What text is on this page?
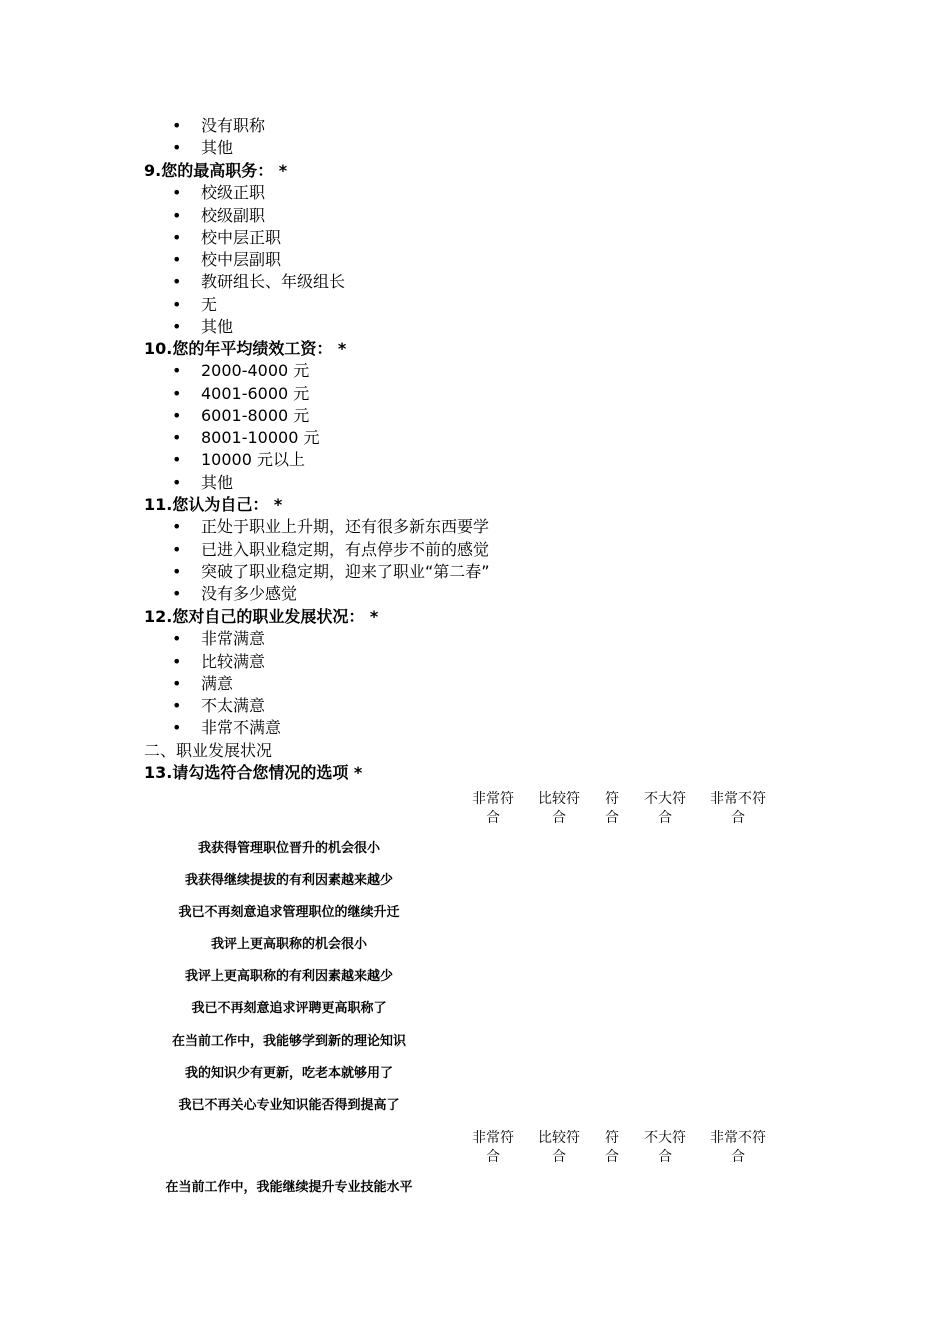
• 没有职称
• 其他
9.您的最高职务： *
• 校级正职
• 校级副职
• 校中层正职
• 校中层副职
• 教研组长、年级组长
• 无
• 其他
10.您的年平均绩效工资： *
• 2000-4000 元
• 4001-6000 元
• 6001-8000 元
• 8001-10000 元
• 10000 元以上
• 其他
11.您认为自己： *
• 正处于职业上升期，还有很多新东西要学
• 已进入职业稳定期，有点停步不前的感觉
• 突破了职业稳定期，迎来了职业“第二春”
• 没有多少感觉
12.您对自己的职业发展状况： *
• 非常满意
• 比较满意
• 满意
• 不太满意
• 非常不满意
二、职业发展状况
13.请勾选符合您情况的选项 *
非常符合
比较符合
符合
不大符合
非常不符合
我获得管理职位晋升的机会很小
我获得继续提拔的有利因素越来越少
我已不再刻意追求管理职位的继续升迁
我评上更高职称的机会很小
我评上更高职称的有利因素越来越少
我已不再刻意追求评聘更高职称了
在当前工作中，我能够学到新的理论知识
我的知识少有更新，吃老本就够用了
我已不再关心专业知识能否得到提高了
非常符合
比较符合
符合
不大符合
非常不符合
在当前工作中，我能继续提升专业技能水平
